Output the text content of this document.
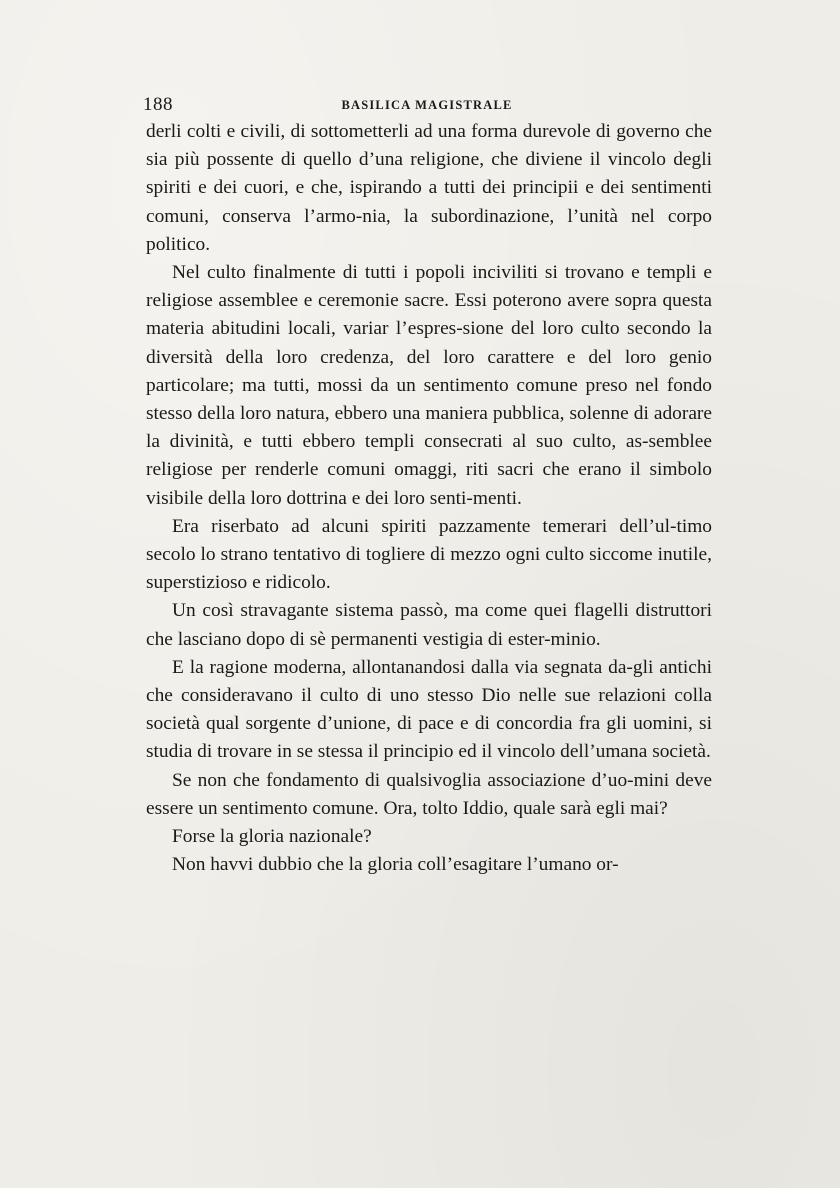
188	BASILICA MAGISTRALE

derli colti e civili, di sottometterli ad una forma durevole di governo che sia più possente di quello d’una religione, che diviene il vincolo degli spiriti e dei cuori, e che, ispirando a tutti dei principii e dei sentimenti comuni, conserva l’armo-nia, la subordinazione, l’unità nel corpo politico.

Nel culto finalmente di tutti i popoli inciviliti si trovano e templi e religiose assemblee e ceremonie sacre. Essi poterono avere sopra questa materia abitudini locali, variar l’espres-sione del loro culto secondo la diversità della loro credenza, del loro carattere e del loro genio particolare; ma tutti, mossi da un sentimento comune preso nel fondo stesso della loro natura, ebbero una maniera pubblica, solenne di adorare la divinità, e tutti ebbero templi consecrati al suo culto, as-semblee religiose per renderle comuni omaggi, riti sacri che erano il simbolo visibile della loro dottrina e dei loro senti-menti.

Era riserbato ad alcuni spiriti pazzamente temerari dell’ul-timo secolo lo strano tentativo di togliere di mezzo ogni culto siccome inutile, superstizioso e ridicolo.

Un così stravagante sistema passò, ma come quei flagelli distruttori che lasciano dopo di sè permanenti vestigia di ester-minio.

E la ragione moderna, allontanandosi dalla via segnata da-gli antichi che consideravano il culto di uno stesso Dio nelle sue relazioni colla società qual sorgente d’unione, di pace e di concordia fra gli uomini, si studia di trovare in se stessa il principio ed il vincolo dell’umana società.

Se non che fondamento di qualsivoglia associazione d’uo-mini deve essere un sentimento comune. Ora, tolto Iddio, quale sarà egli mai?

Forse la gloria nazionale?

Non havvi dubbio che la gloria coll’esagitare l’umano or-
